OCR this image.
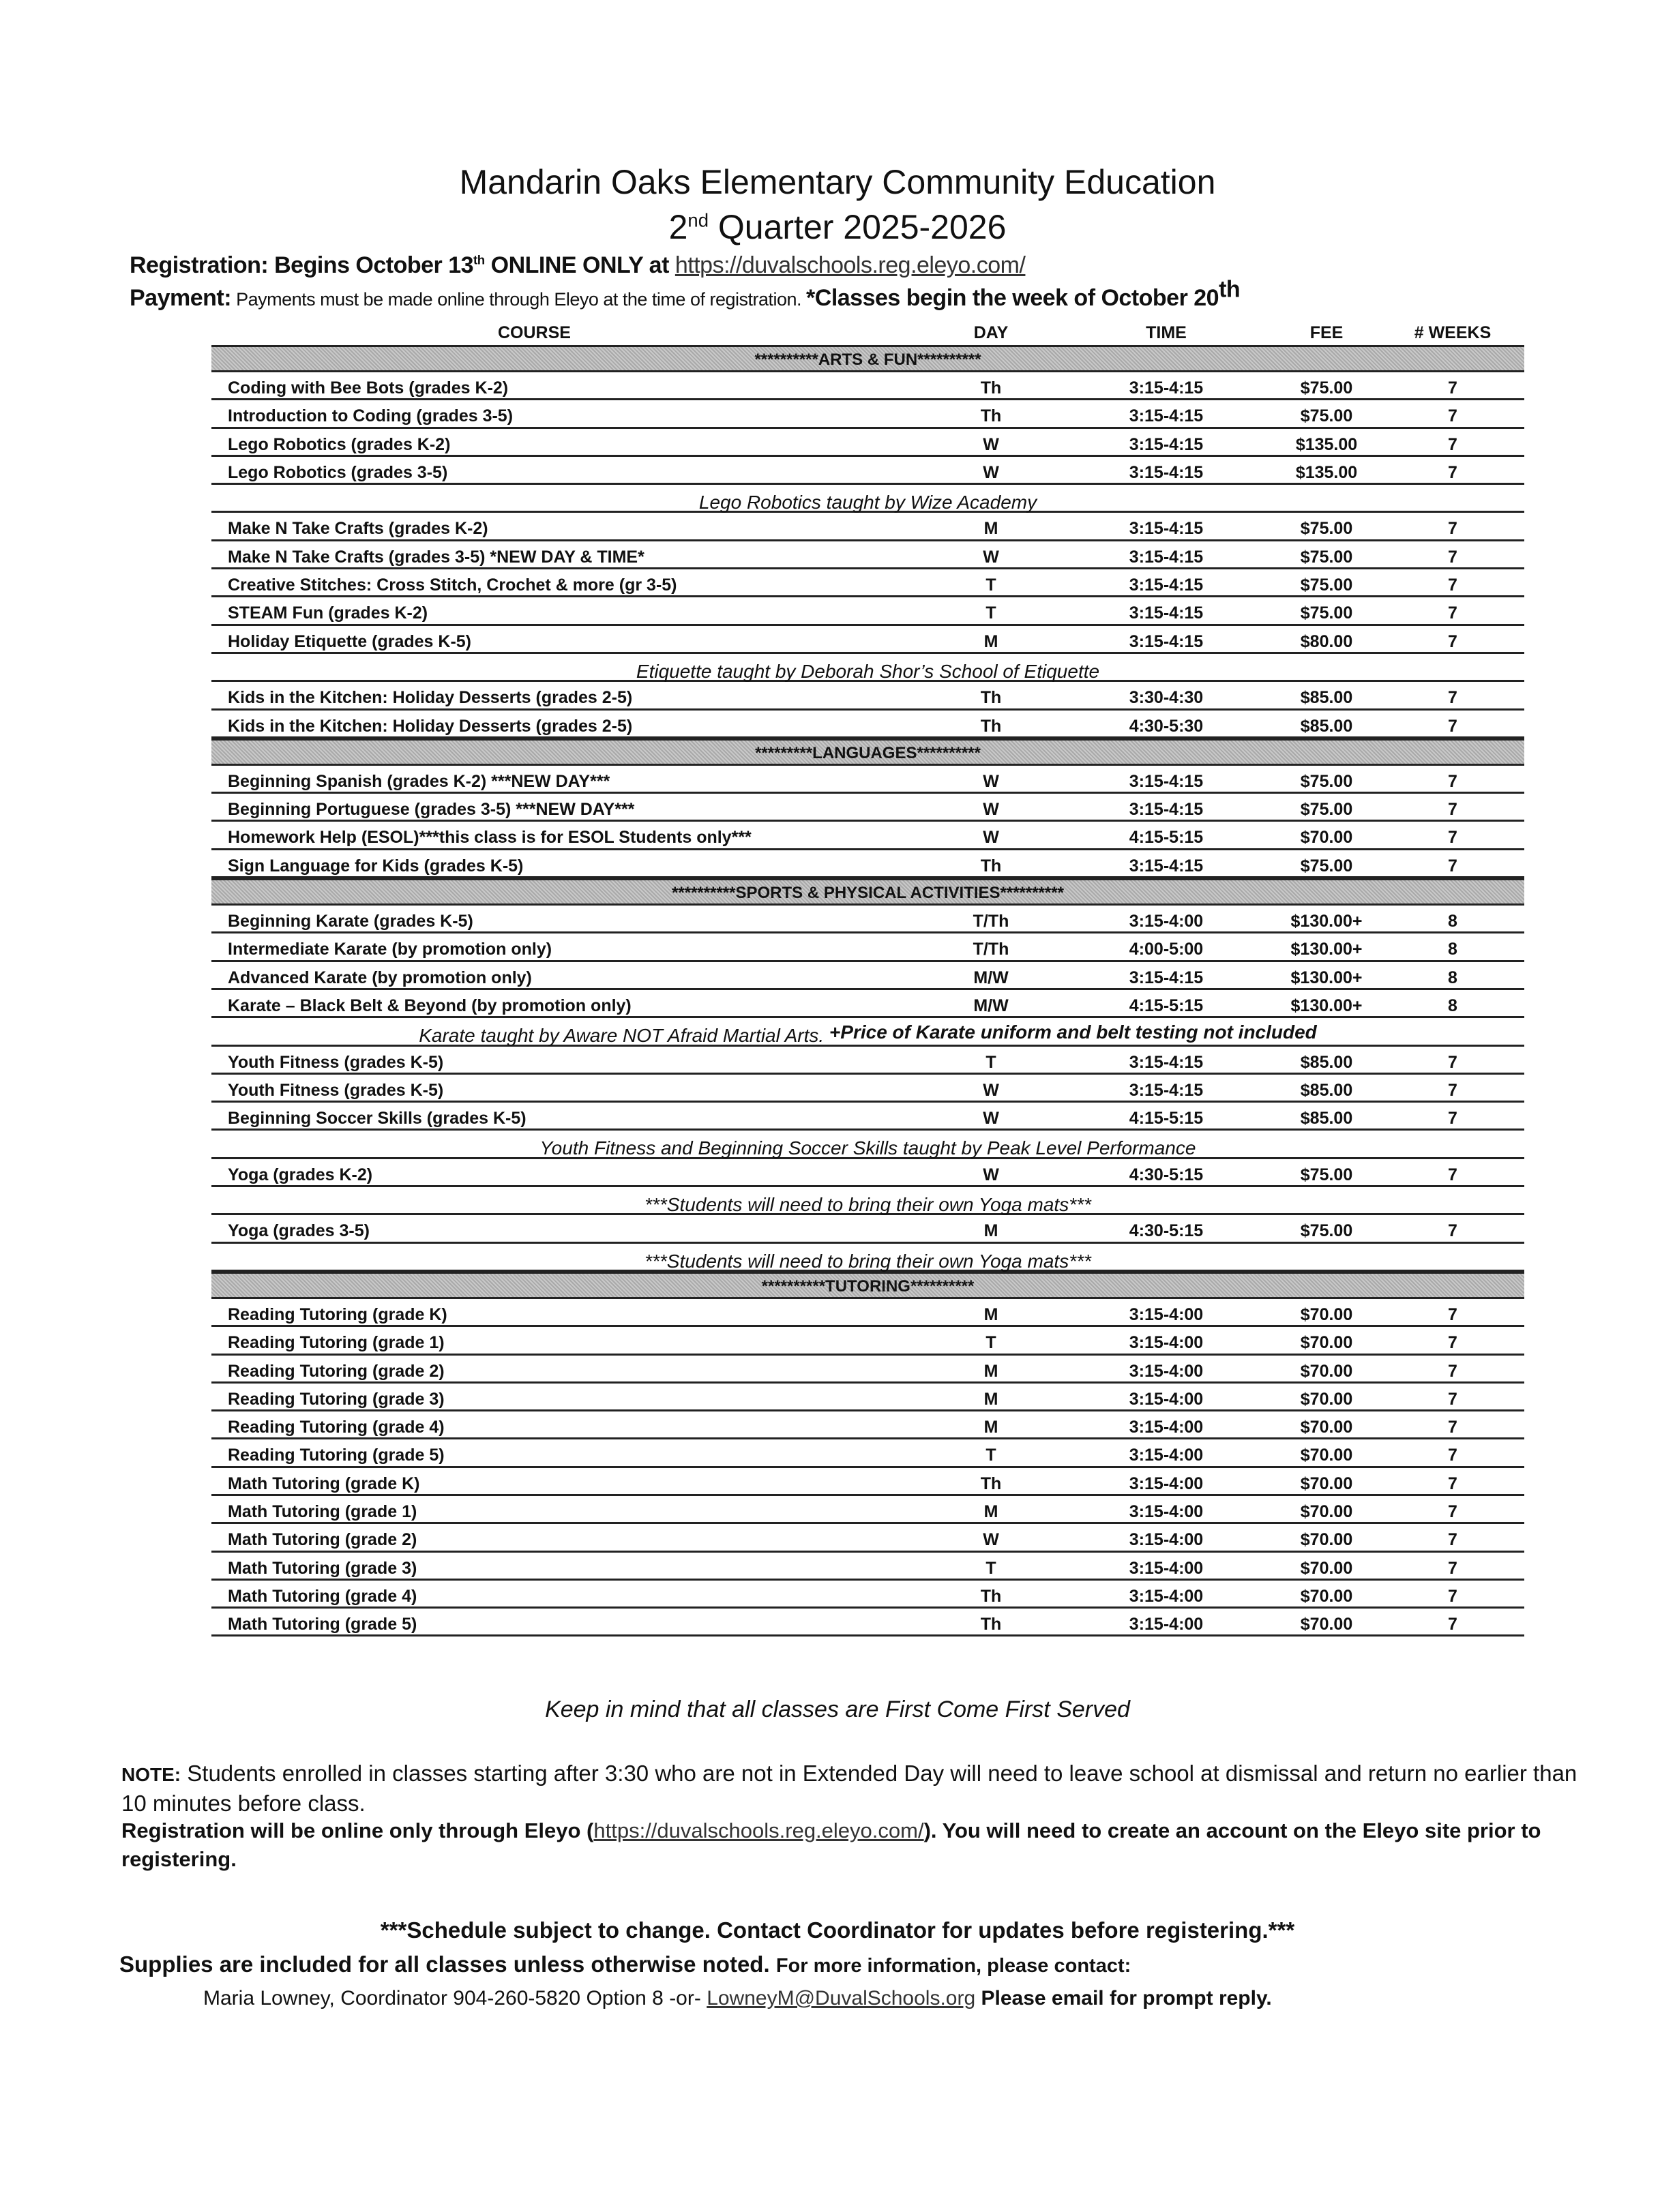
Mandarin Oaks Elementary Community Education
2nd Quarter 2025-2026
Registration: Begins October 13th ONLINE ONLY at https://duvalschools.reg.eleyo.com/
Payment: Payments must be made online through Eleyo at the time of registration. *Classes begin the week of October 20th
COURSE	DAY	TIME	FEE	# WEEKS
**********ARTS & FUN**********
Coding with Bee Bots (grades K-2)	Th	3:15-4:15	$75.00	7
Introduction to Coding (grades 3-5)	Th	3:15-4:15	$75.00	7
Lego Robotics (grades K-2)	W	3:15-4:15	$135.00	7
Lego Robotics (grades 3-5)	W	3:15-4:15	$135.00	7
Lego Robotics taught by Wize Academy
Make N Take Crafts (grades K-2)	M	3:15-4:15	$75.00	7
Make N Take Crafts (grades 3-5) *NEW DAY & TIME*	W	3:15-4:15	$75.00	7
Creative Stitches: Cross Stitch, Crochet & more (gr 3-5)	T	3:15-4:15	$75.00	7
STEAM Fun (grades K-2)	T	3:15-4:15	$75.00	7
Holiday Etiquette (grades K-5)	M	3:15-4:15	$80.00	7
Etiquette taught by Deborah Shor’s School of Etiquette
Kids in the Kitchen: Holiday Desserts (grades 2-5)	Th	3:30-4:30	$85.00	7
Kids in the Kitchen: Holiday Desserts (grades 2-5)	Th	4:30-5:30	$85.00	7
*********LANGUAGES**********
Beginning Spanish (grades K-2) ***NEW DAY***	W	3:15-4:15	$75.00	7
Beginning Portuguese (grades 3-5) ***NEW DAY***	W	3:15-4:15	$75.00	7
Homework Help (ESOL)***this class is for ESOL Students only***	W	4:15-5:15	$70.00	7
Sign Language for Kids (grades K-5)	Th	3:15-4:15	$75.00	7
**********SPORTS & PHYSICAL ACTIVITIES**********
Beginning Karate (grades K-5)	T/Th	3:15-4:00	$130.00+	8
Intermediate Karate (by promotion only)	T/Th	4:00-5:00	$130.00+	8
Advanced Karate (by promotion only)	M/W	3:15-4:15	$130.00+	8
Karate – Black Belt & Beyond (by promotion only)	M/W	4:15-5:15	$130.00+	8
Karate taught by Aware NOT Afraid Martial Arts. +Price of Karate uniform and belt testing not included
Youth Fitness (grades K-5)	T	3:15-4:15	$85.00	7
Youth Fitness (grades K-5)	W	3:15-4:15	$85.00	7
Beginning Soccer Skills (grades K-5)	W	4:15-5:15	$85.00	7
Youth Fitness and Beginning Soccer Skills taught by Peak Level Performance
Yoga (grades K-2)	W	4:30-5:15	$75.00	7
***Students will need to bring their own Yoga mats***
Yoga (grades 3-5)	M	4:30-5:15	$75.00	7
***Students will need to bring their own Yoga mats***
**********TUTORING**********
Reading Tutoring (grade K)	M	3:15-4:00	$70.00	7
Reading Tutoring (grade 1)	T	3:15-4:00	$70.00	7
Reading Tutoring (grade 2)	M	3:15-4:00	$70.00	7
Reading Tutoring (grade 3)	M	3:15-4:00	$70.00	7
Reading Tutoring (grade 4)	M	3:15-4:00	$70.00	7
Reading Tutoring (grade 5)	T	3:15-4:00	$70.00	7
Math Tutoring (grade K)	Th	3:15-4:00	$70.00	7
Math Tutoring (grade 1)	M	3:15-4:00	$70.00	7
Math Tutoring (grade 2)	W	3:15-4:00	$70.00	7
Math Tutoring (grade 3)	T	3:15-4:00	$70.00	7
Math Tutoring (grade 4)	Th	3:15-4:00	$70.00	7
Math Tutoring (grade 5)	Th	3:15-4:00	$70.00	7
Keep in mind that all classes are First Come First Served
NOTE: Students enrolled in classes starting after 3:30 who are not in Extended Day will need to leave school at dismissal and return no earlier than 10 minutes before class.
Registration will be online only through Eleyo (https://duvalschools.reg.eleyo.com/). You will need to create an account on the Eleyo site prior to registering.
***Schedule subject to change. Contact Coordinator for updates before registering.***
Supplies are included for all classes unless otherwise noted. For more information, please contact:
Maria Lowney, Coordinator 904-260-5820 Option 8 -or- LowneyM@DuvalSchools.org Please email for prompt reply.
